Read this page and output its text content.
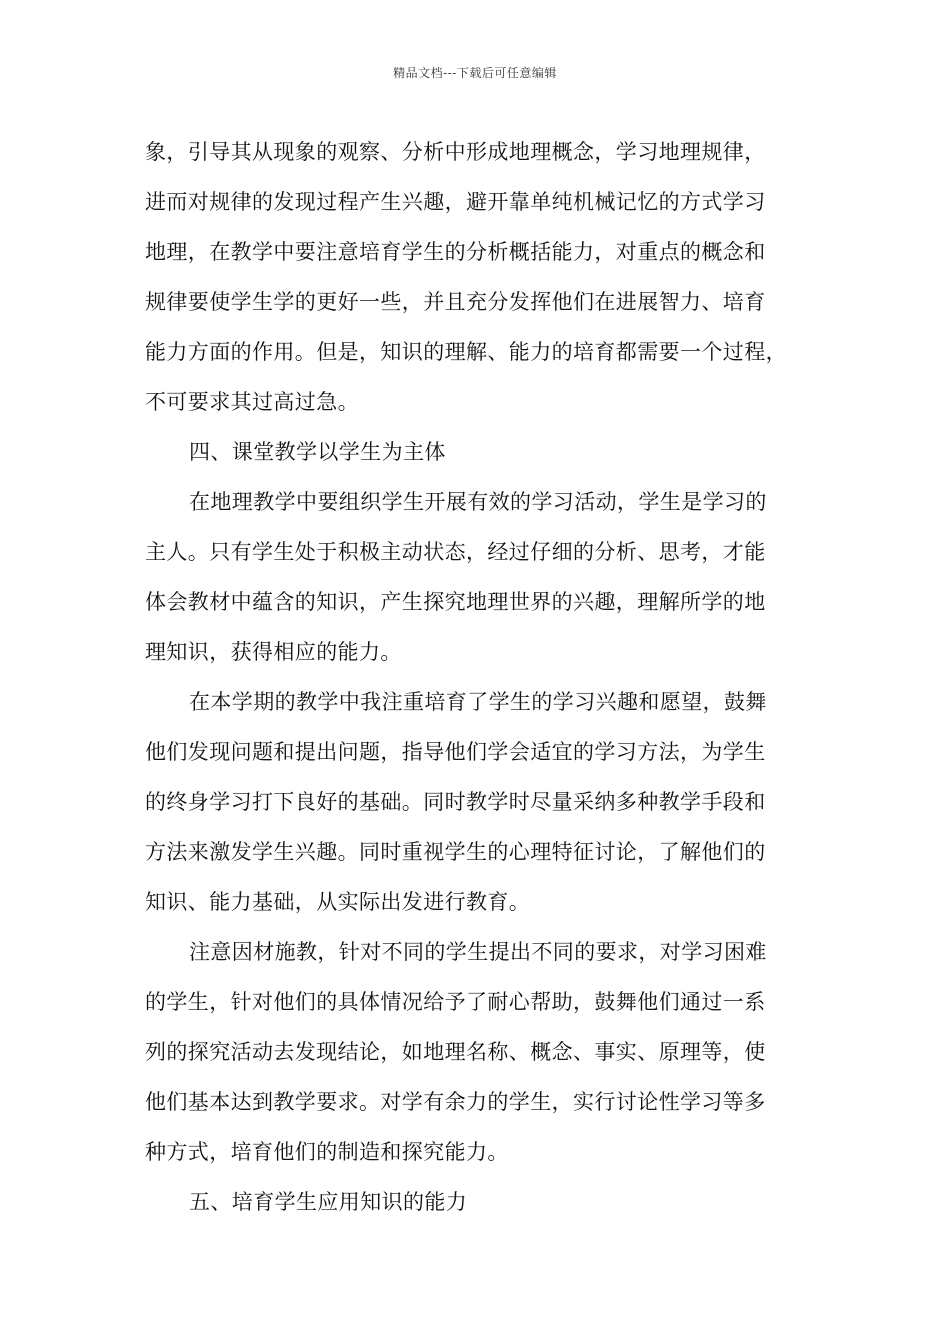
精品文档---下载后可任意编辑
象，引导其从现象的观察、分析中形成地理概念，学习地理规律，
进而对规律的发现过程产生兴趣，避开靠单纯机械记忆的方式学习
地理，在教学中要注意培育学生的分析概括能力，对重点的概念和
规律要使学生学的更好一些，并且充分发挥他们在进展智力、培育
能力方面的作用。但是，知识的理解、能力的培育都需要一个过程，
不可要求其过高过急。
四、课堂教学以学生为主体
在地理教学中要组织学生开展有效的学习活动，学生是学习的
主人。只有学生处于积极主动状态，经过仔细的分析、思考，才能
体会教材中蕴含的知识，产生探究地理世界的兴趣，理解所学的地
理知识，获得相应的能力。
在本学期的教学中我注重培育了学生的学习兴趣和愿望，鼓舞
他们发现问题和提出问题，指导他们学会适宜的学习方法，为学生
的终身学习打下良好的基础。同时教学时尽量采纳多种教学手段和
方法来激发学生兴趣。同时重视学生的心理特征讨论，了解他们的
知识、能力基础，从实际出发进行教育。
注意因材施教，针对不同的学生提出不同的要求，对学习困难
的学生，针对他们的具体情况给予了耐心帮助，鼓舞他们通过一系
列的探究活动去发现结论，如地理名称、概念、事实、原理等，使
他们基本达到教学要求。对学有余力的学生，实行讨论性学习等多
种方式，培育他们的制造和探究能力。
五、培育学生应用知识的能力
